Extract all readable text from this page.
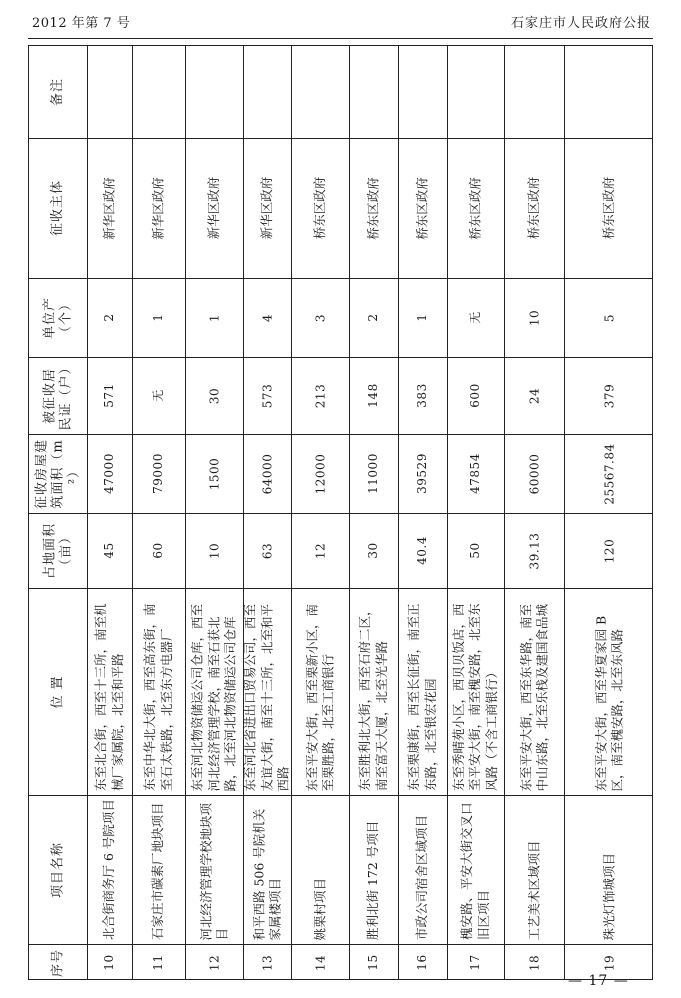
2012 年第 7 号	石家庄市人民政府公报
备注
征收主体
单位产（个）
被征收居民证（户）
征收房屋建筑面积（m²）
占地面积（亩）
位 置
项目名称
序号
新华区政府
2
571
47000
45
东至北合街，西至十三所，南至机械厂家属院，北至和平路
北合街商务厅 6 号院项目
10
新华区政府
1
无
79000
60
东至中华北大街，西至高东街，南至石太铁路，北至东方电器厂
石家庄市碳素厂地块项目
11
新华区政府
1
30
1500
10
东至河北物资储运公司仓库，西至河北经济管理学校，南至石获北路，北至河北物资储运公司仓库
河北经济管理学校地块项目
12
新华区政府
4
573
64000
63
东至河北省进出口贸易公司，西至友谊大街，南至十三所，北至和平西路
和平西路 506 号院机关家属楼项目
13
桥东区政府
3
213
12000
12
东至平安大街，西至栗新小区，南至栗胜路，北至工商银行
姚栗村项目
14
桥东区政府
2
148
11000
30
东至胜利北大街，西至石府二区，南至富天大厦，北至光华路
胜利北街 172 号项目
15
桥东区政府
1
383
39529
40.4
东至栗康街，西至长征街，南至正东路，北至银宏花园
市政公司宿舍区域项目
16
桥东区政府
无
600
47854
50
东至秀晴苑小区，西贝贝饭店，西至平安大街，南至槐安路，北至东风路（不含工商银行）
槐安路、平安大街交叉口旧区项目
17
桥东区政府
10
24
60000
39.13
东至平安大街，西至东华路，南至中山东路，北至乐栈及建国食品城
工艺美术区域项目
18
桥东区政府
5
379
25567.84
120
东至平安大街，西至华夏家园 B 区，南至槐安路，北至东风路
珠光灯饰城项目
19
— 17 —
